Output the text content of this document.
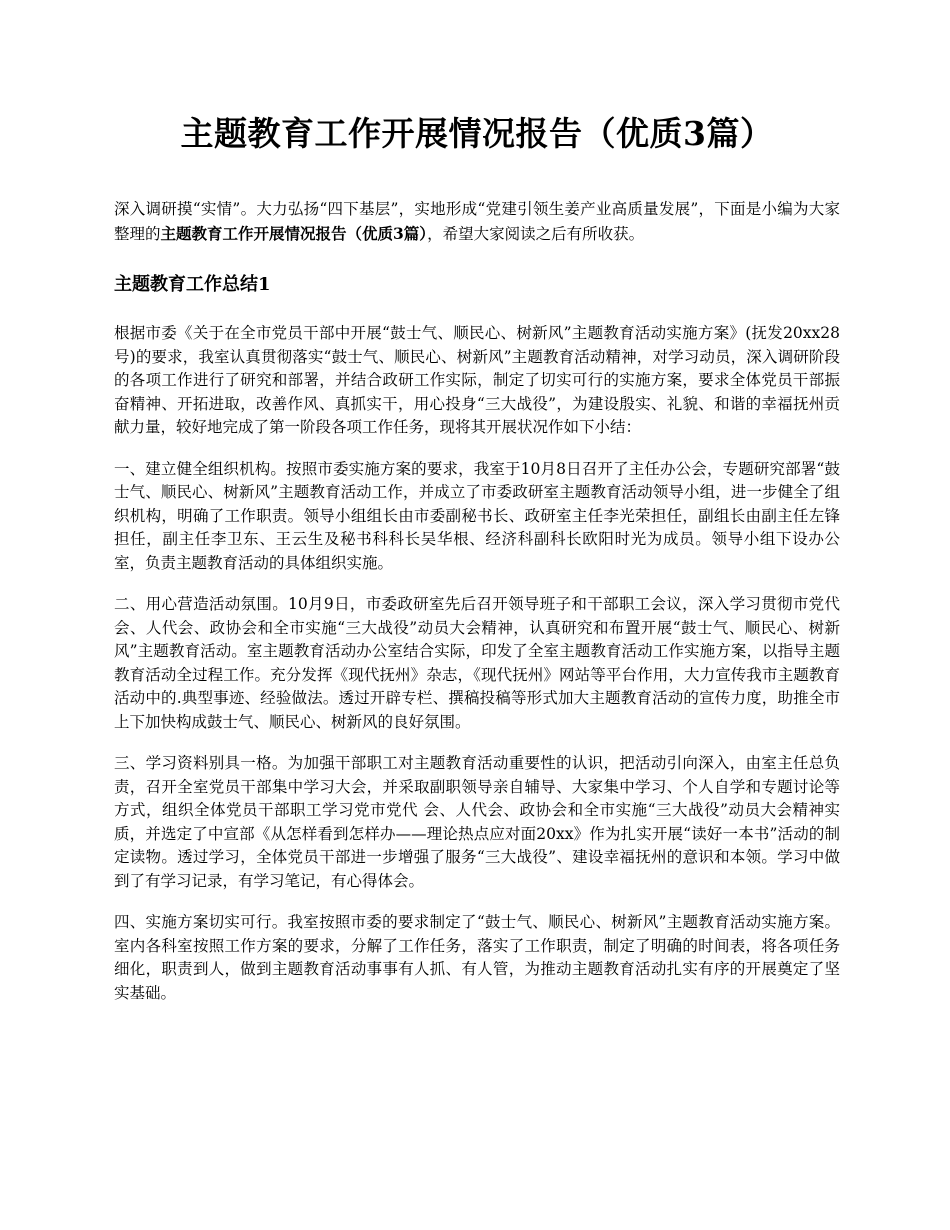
主题教育工作开展情况报告（优质3篇）

深入调研摸“实情”。大力弘扬“四下基层”，实地形成“党建引领生姜产业高质量发展”，下面是小编为大家整理的主题教育工作开展情况报告（优质3篇），希望大家阅读之后有所收获。

主题教育工作总结1

根据市委《关于在全市党员干部中开展“鼓士气、顺民心、树新风”主题教育活动实施方案》(抚发20xx28号)的要求，我室认真贯彻落实“鼓士气、顺民心、树新风”主题教育活动精神，对学习动员，深入调研阶段的各项工作进行了研究和部署，并结合政研工作实际，制定了切实可行的实施方案，要求全体党员干部振奋精神、开拓进取，改善作风、真抓实干，用心投身“三大战役”，为建设殷实、礼貌、和谐的幸福抚州贡献力量，较好地完成了第一阶段各项工作任务，现将其开展状况作如下小结：

一、建立健全组织机构。按照市委实施方案的要求，我室于10月8日召开了主任办公会，专题研究部署“鼓士气、顺民心、树新风”主题教育活动工作，并成立了市委政研室主题教育活动领导小组，进一步健全了组织机构，明确了工作职责。领导小组组长由市委副秘书长、政研室主任李光荣担任，副组长由副主任左锋担任，副主任李卫东、王云生及秘书科科长吴华根、经济科副科长欧阳时光为成员。领导小组下设办公室，负责主题教育活动的具体组织实施。

二、用心营造活动氛围。10月9日，市委政研室先后召开领导班子和干部职工会议，深入学习贯彻市党代 会、人代会、政协会和全市实施“三大战役”动员大会精神，认真研究和布置开展“鼓士气、顺民心、树新风”主题教育活动。室主题教育活动办公室结合实际，印发了全室主题教育活动工作实施方案，以指导主题教育活动全过程工作。充分发挥《现代抚州》杂志，《现代抚州》网站等平台作用，大力宣传我市主题教育活动中的.典型事迹、经验做法。透过开辟专栏、撰稿投稿等形式加大主题教育活动的宣传力度，助推全市上下加快构成鼓士气、顺民心、树新风的良好氛围。

三、学习资料别具一格。为加强干部职工对主题教育活动重要性的认识，把活动引向深入，由室主任总负责，召开全室党员干部集中学习大会，并采取副职领导亲自辅导、大家集中学习、个人自学和专题讨论等方式，组织全体党员干部职工学习党市党代 会、人代会、政协会和全市实施“三大战役”动员大会精神实质，并选定了中宣部《从怎样看到怎样办——理论热点应对面20xx》作为扎实开展“读好一本书”活动的制定读物。透过学习，全体党员干部进一步增强了服务“三大战役”、建设幸福抚州的意识和本领。学习中做到了有学习记录，有学习笔记，有心得体会。

四、实施方案切实可行。我室按照市委的要求制定了“鼓士气、顺民心、树新风”主题教育活动实施方案。室内各科室按照工作方案的要求，分解了工作任务，落实了工作职责，制定了明确的时间表，将各项任务细化，职责到人，做到主题教育活动事事有人抓、有人管，为推动主题教育活动扎实有序的开展奠定了坚实基础。
